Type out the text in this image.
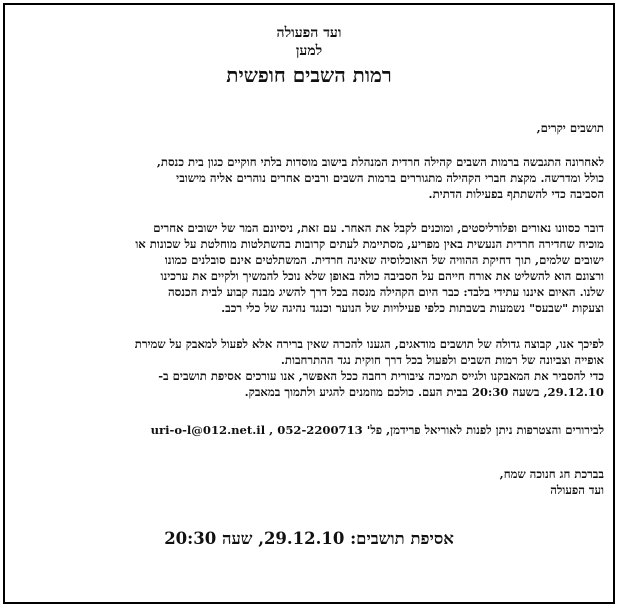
ועד הפעולה
למען
רמות השבים חופשית

תושבים יקרים,

לאחרונה התגבשה ברמות השבים קהילה חרדית המנהלת בישוב מוסדות בלתי חוקיים כגון בית כנסת,
כולל ומדרשה. מקצת חברי הקהילה מתגוררים ברמות השבים ורבים אחרים נוהרים אליה מישובי
הסביבה כדי להשתתף בפעילות הדתית.
דובר כסוונו נאורים ופלורליסטים, ומוכנים לקבל את האחר. עם זאת, ניסיונם המר של ישובים אחרים
מוכיח שחדירה חרדית הנעשית באין מפריע, מסתיימת לעתים קרובות בהשתלטות מוחלטת על שכונות או
ישובים שלמים, תוך דחיקת ההוויה של האוכלוסיה שאינה חרדית. המשתלטים אינם סובלנים כמונו
ורצונם הוא להשליט את אורח חייהם על הסביבה כולה באופן שלא נוכל להמשיך ולקיים את ערכינו
שלנו. האיום איננו עתידי בלבד: כבר היום הקהילה מנסה בכל דרך להשיג מבנה קבוע לבית הכנסה
וצעקות "שבעס" נשמעות בשבתות כלפי פעילויות של הנוער וכנגד נהיגה של כלי רכב.
לפיכך אנו, קבוצה גדולה של תושבים מודאגים, הגענו להכרה שאין ברירה אלא לפעול למאבק על שמירת
אופייה וצביונה של רמות השבים ולפעול בכל דרך חוקית נגד ההתרחבות.
כדי להסביר את המאבקנו ולגייס תמיכה ציבורית רחבה ככל האפשר, אנו עורכים אסיפת תושבים ב-
29.12.10, בשעה 20:30 בבית העם. כולכם מוזמנים להגיע ולתמוך במאבק.
לבירורים והצטרפות ניתן לפנות לאוריאל פרידמן, פל' 052-2200713 , uri-o-l@012.net.il
בברכת חג חנוכה שמח,
ועד הפעולה
אסיפת תושבים: 29.12.10, שעה 20:30
